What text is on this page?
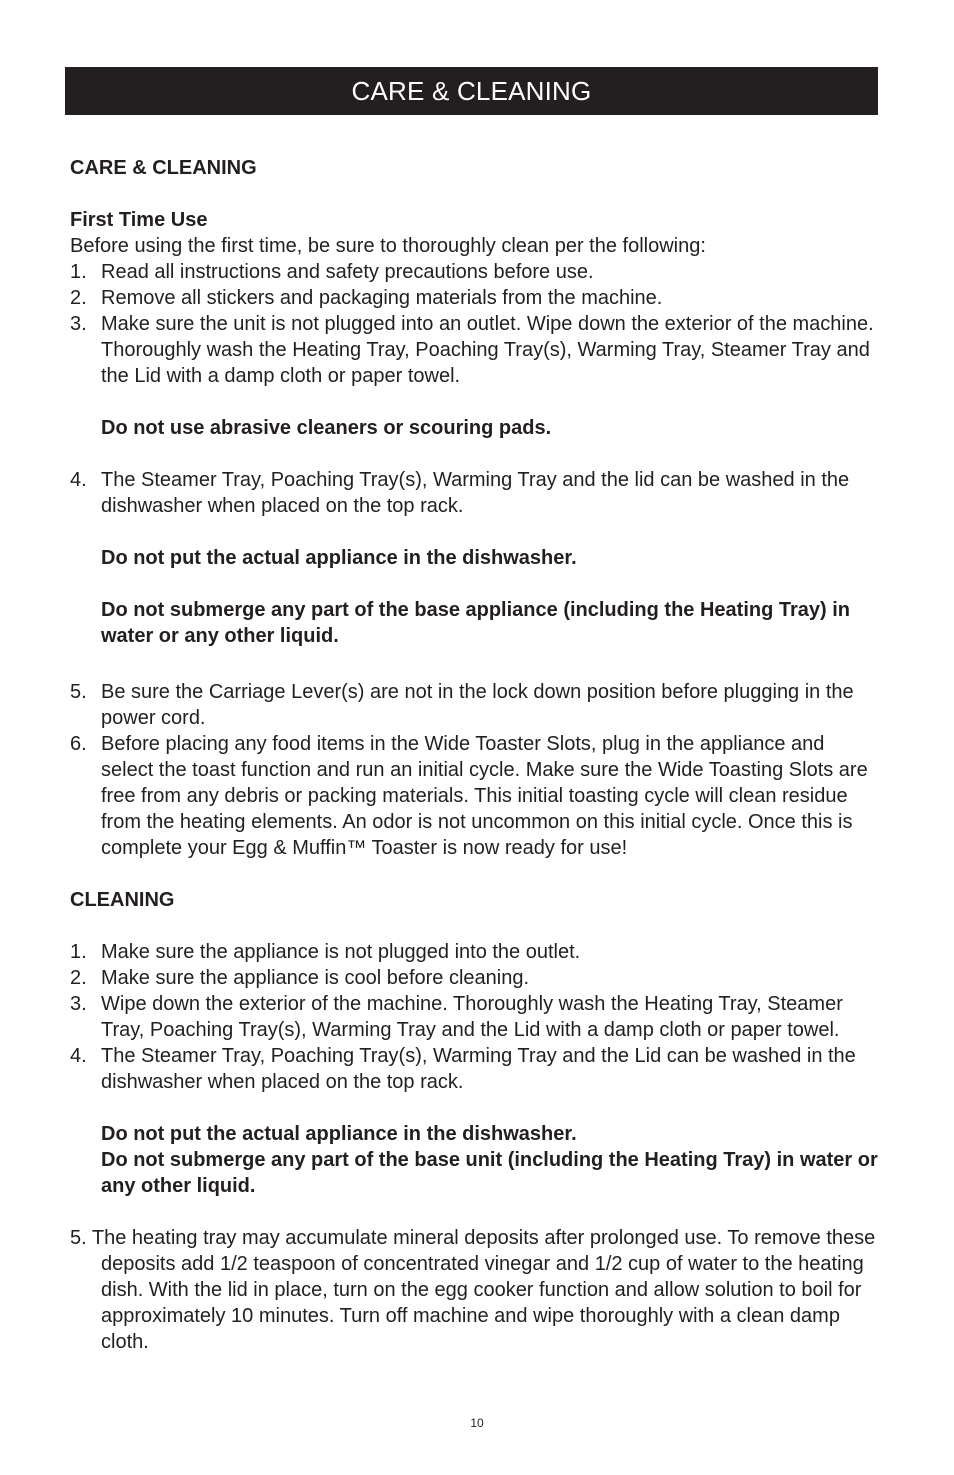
CARE & CLEANING

CARE & CLEANING

First Time Use

Before using the first time, be sure to thoroughly clean per the following:

1. Read all instructions and safety precautions before use.
2. Remove all stickers and packaging materials from the machine.
3. Make sure the unit is not plugged into an outlet. Wipe down the exterior of the machine. Thoroughly wash the Heating Tray, Poaching Tray(s), Warming Tray, Steamer Tray and the Lid with a damp cloth or paper towel.

Do not use abrasive cleaners or scouring pads.

4. The Steamer Tray, Poaching Tray(s), Warming Tray and the lid can be washed in the dishwasher when placed on the top rack.

Do not put the actual appliance in the dishwasher.

Do not submerge any part of the base appliance (including the Heating Tray) in water or any other liquid.

5. Be sure the Carriage Lever(s) are not in the lock down position before plugging in the power cord.
6. Before placing any food items in the Wide Toaster Slots, plug in the appliance and select the toast function and run an initial cycle. Make sure the Wide Toasting Slots are free from any debris or packing materials. This initial toasting cycle will clean residue from the heating elements. An odor is not uncommon on this initial cycle. Once this is complete your Egg & Muffin™ Toaster is now ready for use!

CLEANING

1. Make sure the appliance is not plugged into the outlet.
2. Make sure the appliance is cool before cleaning.
3. Wipe down the exterior of the machine. Thoroughly wash the Heating Tray, Steamer Tray, Poaching Tray(s), Warming Tray and the Lid with a damp cloth or paper towel.
4. The Steamer Tray, Poaching Tray(s), Warming Tray and the Lid can be washed in the dishwasher when placed on the top rack.

Do not put the actual appliance in the dishwasher.

Do not submerge any part of the base unit (including the Heating Tray) in water or any other liquid.

5. The heating tray may accumulate mineral deposits after prolonged use. To remove these deposits add 1/2 teaspoon of concentrated vinegar and 1/2 cup of water to the heating dish. With the lid in place, turn on the egg cooker function and allow solution to boil for approximately 10 minutes. Turn off machine and wipe thoroughly with a clean damp cloth.

10
